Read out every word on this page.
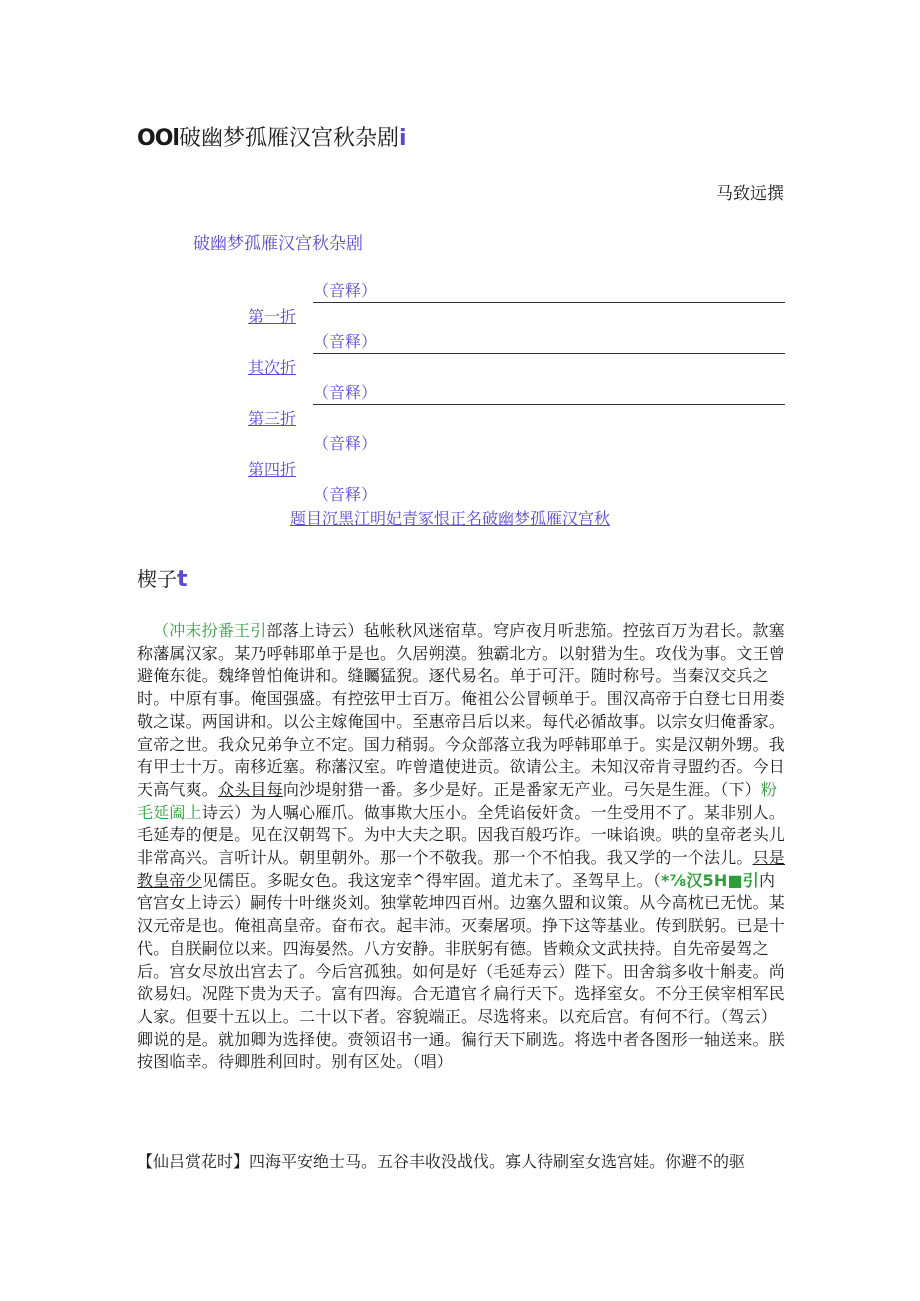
OOl破幽梦孤雁汉宫秋杂剧i
马致远撰
破幽梦孤雁汉宫秋杂剧
（音释）
第一折
（音释）
其次折
（音释）
第三折
（音释）
第四折
（音释）
题目沉黑江明妃青冢恨正名破幽梦孤雁汉宫秋
楔子t

（冲末扮番王引部落上诗云）毡帐秋风迷宿草。穹庐夜月听悲笳。控弦百万为君长。款塞称藩属汉家。某乃呼韩耶单于是也。久居朔漠。独霸北方。以射猎为生。攻伐为事。文王曾避俺东徙。魏绛曾怕俺讲和。缝矚猛猊。逐代易名。单于可汗。随时称号。当秦汉交兵之时。中原有事。俺国强盛。有控弦甲士百万。俺祖公公冒顿单于。围汉高帝于白登七日用娄敬之谋。两国讲和。以公主嫁俺国中。至惠帝吕后以来。每代必循故事。以宗女归俺番家。宣帝之世。我众兄弟争立不定。国力稍弱。今众部落立我为呼韩耶单于。实是汉朝外甥。我有甲士十万。南移近塞。称藩汉室。咋曾遣使进贡。欲请公主。未知汉帝肯寻盟约否。今日天高气爽。众头目每向沙堤射猎一番。多少是好。正是番家无产业。弓矢是生涯。（下）粉毛延阖上诗云）为人嘱心雁爪。做事欺大压小。全凭谄佞奸贪。一生受用不了。某非别人。毛延寿的便是。见在汉朝驾下。为中大夫之职。因我百般巧诈。一味谄谀。哄的皇帝老头儿非常高兴。言听计从。朝里朝外。那一个不敬我。那一个不怕我。我又学的一个法儿。只是教皇帝少见儒臣。多昵女色。我这宠幸^得牢固。道尤未了。圣驾早上。（*⅞汉5H■引内官宫女上诗云）嗣传十叶继炎刘。独掌乾坤四百州。边塞久盟和议策。从今高枕已无忧。某汉元帝是也。俺祖高皇帝。奋布衣。起丰沛。灭秦屠项。挣下这等基业。传到朕躬。已是十代。自朕嗣位以来。四海晏然。八方安静。非朕躬有德。皆赖众文武扶持。自先帝晏驾之后。宫女尽放出宫去了。今后宫孤独。如何是好（毛延寿云）陛下。田舍翁多收十斛麦。尚欲易妇。况陛下贵为天子。富有四海。合无遣官彳扁行天下。选择室女。不分王侯宰相军民人家。但要十五以上。二十以下者。容貌端正。尽选将来。以充后宫。有何不行。（驾云）卿说的是。就加卿为选择使。赍领诏书一通。徧行天下刷选。将选中者各图形一轴送来。朕按图临幸。待卿胜利回时。别有区处。（唱）

【仙吕赏花时】四海平安绝士马。五谷丰收没战伐。寡人待刷室女选宫娃。你避不的驱
